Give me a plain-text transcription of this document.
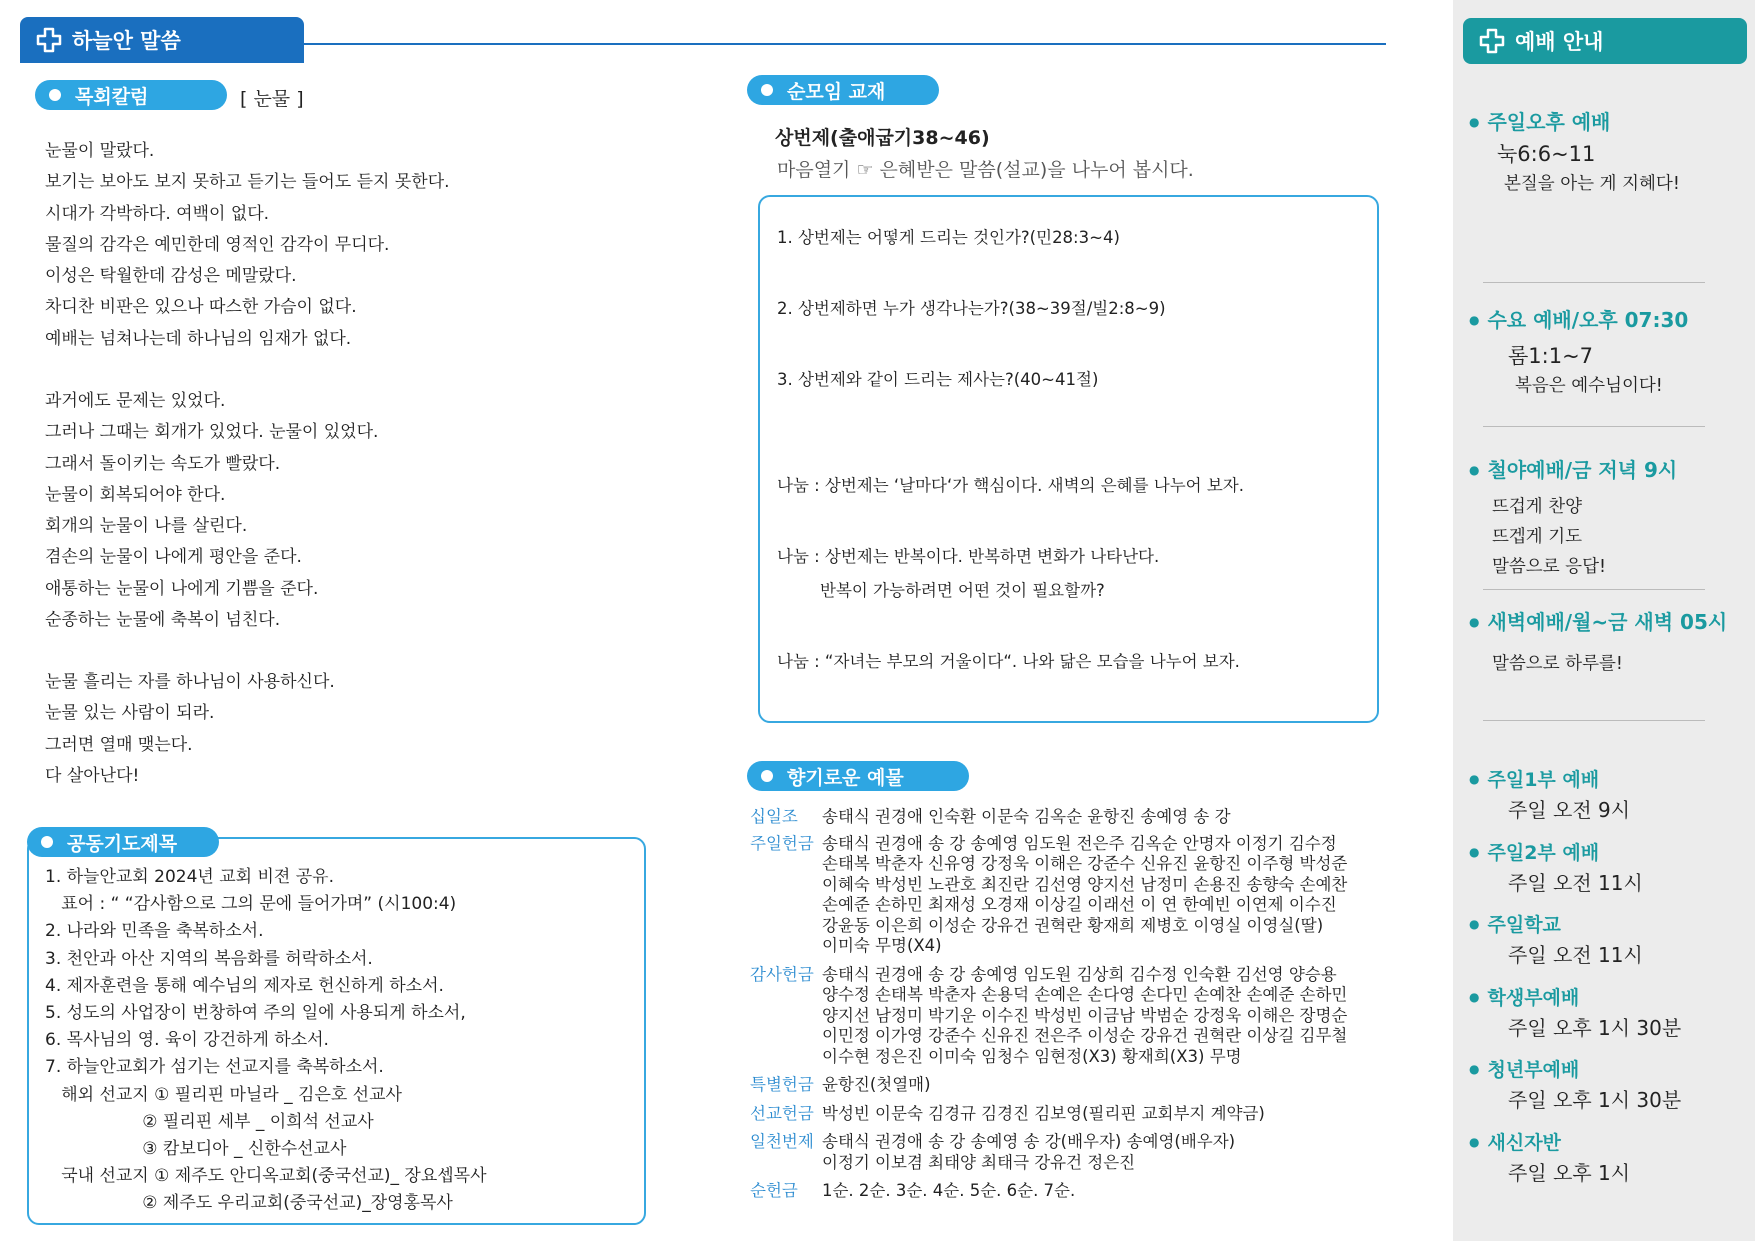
하늘안 말씀
목회칼럼	[ 눈물 ]
눈물이 말랐다.
보기는 보아도 보지 못하고 듣기는 들어도 듣지 못한다.
시대가 각박하다. 여백이 없다.
물질의 감각은 예민한데 영적인 감각이 무디다.
이성은 탁월한데 감성은 메말랐다.
차디찬 비판은 있으나 따스한 가슴이 없다.
예배는 넘쳐나는데 하나님의 임재가 없다.
과거에도 문제는 있었다.
그러나 그때는 회개가 있었다. 눈물이 있었다.
그래서 돌이키는 속도가 빨랐다.
눈물이 회복되어야 한다.
회개의 눈물이 나를 살린다.
겸손의 눈물이 나에게 평안을 준다.
애통하는 눈물이 나에게 기쁨을 준다.
순종하는 눈물에 축복이 넘친다.
눈물 흘리는 자를 하나님이 사용하신다.
눈물 있는 사람이 되라.
그러면 열매 맺는다.
다 살아난다!
공동기도제목
1. 하늘안교회 2024년 교회 비젼 공유.
표어 : “ “감사함으로 그의 문에 들어가며” (시100:4)
2. 나라와 민족을 축복하소서.
3. 천안과 아산 지역의 복음화를 허락하소서.
4. 제자훈련을 통해 예수님의 제자로 헌신하게 하소서.
5. 성도의 사업장이 번창하여 주의 일에 사용되게 하소서,
6. 목사님의 영. 육이 강건하게 하소서.
7. 하늘안교회가 섬기는 선교지를 축복하소서.
해외 선교지 ① 필리핀 마닐라 _ 김은호 선교사
② 필리핀 세부 _ 이희석 선교사
③ 캄보디아 _ 신한수선교사
국내 선교지 ① 제주도 안디옥교회(중국선교)_ 장요셉목사
② 제주도 우리교회(중국선교)_장영홍목사
순모임 교재
상번제(출애굽기38~46)
마음열기 ☞ 은혜받은 말씀(설교)을 나누어 봅시다.
1. 상번제는 어떻게 드리는 것인가?(민28:3~4)
2. 상번제하면 누가 생각나는가?(38~39절/빌2:8~9)
3. 상번제와 같이 드리는 제사는?(40~41절)
나눔 : 상번제는 ‘날마다‘가 핵심이다. 새벽의 은혜를 나누어 보자.
나눔 : 상번제는 반복이다. 반복하면 변화가 나타난다.
반복이 가능하려면 어떤 것이 필요할까?
나눔 : “자녀는 부모의 거울이다“. 나와 닮은 모습을 나누어 보자.
향기로운 예물
십일조	송태식 권경애 인숙환 이문숙 김옥순 윤항진 송예영 송 강
주일헌금 송태식 권경애 송 강 송예영 임도원 전은주 김옥순 안명자 이정기 김수정
손태복 박춘자 신유영 강정욱 이해은 강준수 신유진 윤항진 이주형 박성준
이혜숙 박성빈 노관호 최진란 김선영 양지선 남정미 손용진 송향숙 손예찬
손예준 손하민 최재성 오경재 이상길 이래선 이 연 한예빈 이연제 이수진
강윤동 이은희 이성순 강유건 권혁란 황재희 제병호 이영실 이영실(딸)
이미숙 무명(X4)
감사헌금 송태식 권경애 송 강 송예영 임도원 김상희 김수정 인숙환 김선영 양승용
양수정 손태복 박춘자 손용덕 손예은 손다영 손다민 손예찬 손예준 손하민
양지선 남정미 박기운 이수진 박성빈 이금남 박범순 강정욱 이해은 장명순
이민정 이가영 강준수 신유진 전은주 이성순 강유건 권혁란 이상길 김무철
이수현 정은진 이미숙 임청수 임현정(X3) 황재희(X3) 무명
특별헌금 윤항진(첫열매)
선교헌금 박성빈 이문숙 김경규 김경진 김보영(필리핀 교회부지 계약금)
일천번제 송태식 권경애 송 강 송예영 송 강(배우자) 송예영(배우자)
이정기 이보겸 최태양 최태극 강유건 정은진
순헌금	1순. 2순. 3순. 4순. 5순. 6순. 7순.
예배 안내
● 주일오후 예배
눅6:6~11
본질을 아는 게 지혜다!
● 수요 예배/오후 07:30
롬1:1~7
복음은 예수님이다!
● 철야예배/금 저녁 9시
뜨겁게 찬양
뜨겝게 기도
말씀으로 응답!
● 새벽예배/월~금 새벽 05시
말씀으로 하루를!
● 주일1부 예배
주일 오전 9시
● 주일2부 예배
주일 오전 11시
● 주일학교
주일 오전 11시
● 학생부예배
주일 오후 1시 30분
● 청년부예배
주일 오후 1시 30분
● 새신자반
주일 오후 1시
